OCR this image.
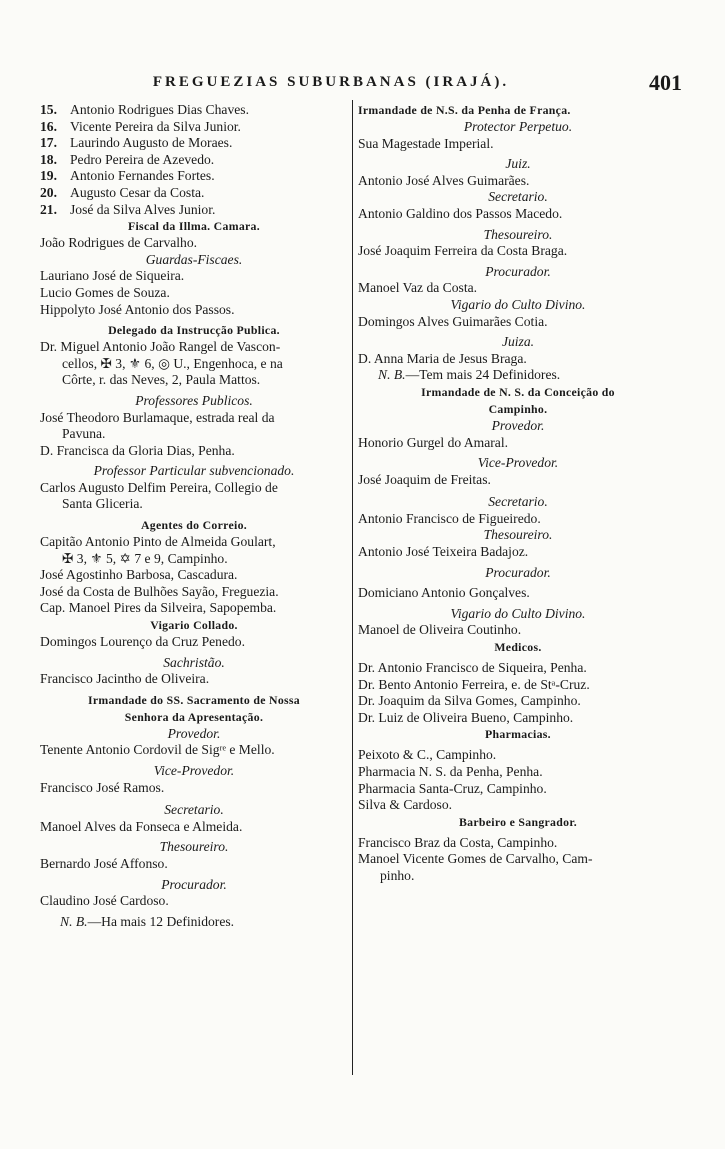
FREGUEZIAS SUBURBANAS (IRAJÁ).	401
15. Antonio Rodrigues Dias Chaves.
16. Vicente Pereira da Silva Junior.
17. Laurindo Augusto de Moraes.
18. Pedro Pereira de Azevedo.
19. Antonio Fernandes Fortes.
20. Augusto Cesar da Costa.
21. José da Silva Alves Junior.
Fiscal da Illma. Camara.
João Rodrigues de Carvalho.
Guardas-Fiscaes.
Lauriano José de Siqueira.
Lucio Gomes de Souza.
Hippolyto José Antonio dos Passos.
Delegado da Instrucção Publica.
Dr. Miguel Antonio João Rangel de Vascon-
cellos, ✠ 3, ⚜ 6, ◎ U., Engenhoca, e na
Côrte, r. das Neves, 2, Paula Mattos.
Professores Publicos.
José Theodoro Burlamaque, estrada real da
Pavuna.
D. Francisca da Gloria Dias, Penha.
Professor Particular subvencionado.
Carlos Augusto Delfim Pereira, Collegio de
Santa Gliceria.
Agentes do Correio.
Capitão Antonio Pinto de Almeida Goulart,
✠ 3, ⚜ 5, ✡ 7 e 9, Campinho.
José Agostinho Barbosa, Cascadura.
José da Costa de Bulhões Sayão, Freguezia.
Cap. Manoel Pires da Silveira, Sapopemba.
Vigario Collado.
Domingos Lourenço da Cruz Penedo.
Sachristão.
Francisco Jacintho de Oliveira.
Irmandade do SS. Sacramento de Nossa
Senhora da Apresentação.
Provedor.
Tenente Antonio Cordovil de Sigʳᵉ e Mello.
Vice-Provedor.
Francisco José Ramos.
Secretario.
Manoel Alves da Fonseca e Almeida.
Thesoureiro.
Bernardo José Affonso.
Procurador.
Claudino José Cardoso.
N. B.—Ha mais 12 Definidores.
Irmandade de N.S. da Penha de França.
Protector Perpetuo.
Sua Magestade Imperial.
Juiz.
Antonio José Alves Guimarães.
Secretario.
Antonio Galdino dos Passos Macedo.
Thesoureiro.
José Joaquim Ferreira da Costa Braga.
Procurador.
Manoel Vaz da Costa.
Vigario do Culto Divino.
Domingos Alves Guimarães Cotia.
Juiza.
D. Anna Maria de Jesus Braga.
N. B.—Tem mais 24 Definidores.
Irmandade de N. S. da Conceição do
Campinho.
Provedor.
Honorio Gurgel do Amaral.
Vice-Provedor.
José Joaquim de Freitas.
Secretario.
Antonio Francisco de Figueiredo.
Thesoureiro.
Antonio José Teixeira Badajoz.
Procurador.
Domiciano Antonio Gonçalves.
Vigario do Culto Divino.
Manoel de Oliveira Coutinho.
Medicos.
Dr. Antonio Francisco de Siqueira, Penha.
Dr. Bento Antonio Ferreira, e. de Stᵃ-Cruz.
Dr. Joaquim da Silva Gomes, Campinho.
Dr. Luiz de Oliveira Bueno, Campinho.
Pharmacias.
Peixoto & C., Campinho.
Pharmacia N. S. da Penha, Penha.
Pharmacia Santa-Cruz, Campinho.
Silva & Cardoso.
Barbeiro e Sangrador.
Francisco Braz da Costa, Campinho.
Manoel Vicente Gomes de Carvalho, Cam-
pinho.
